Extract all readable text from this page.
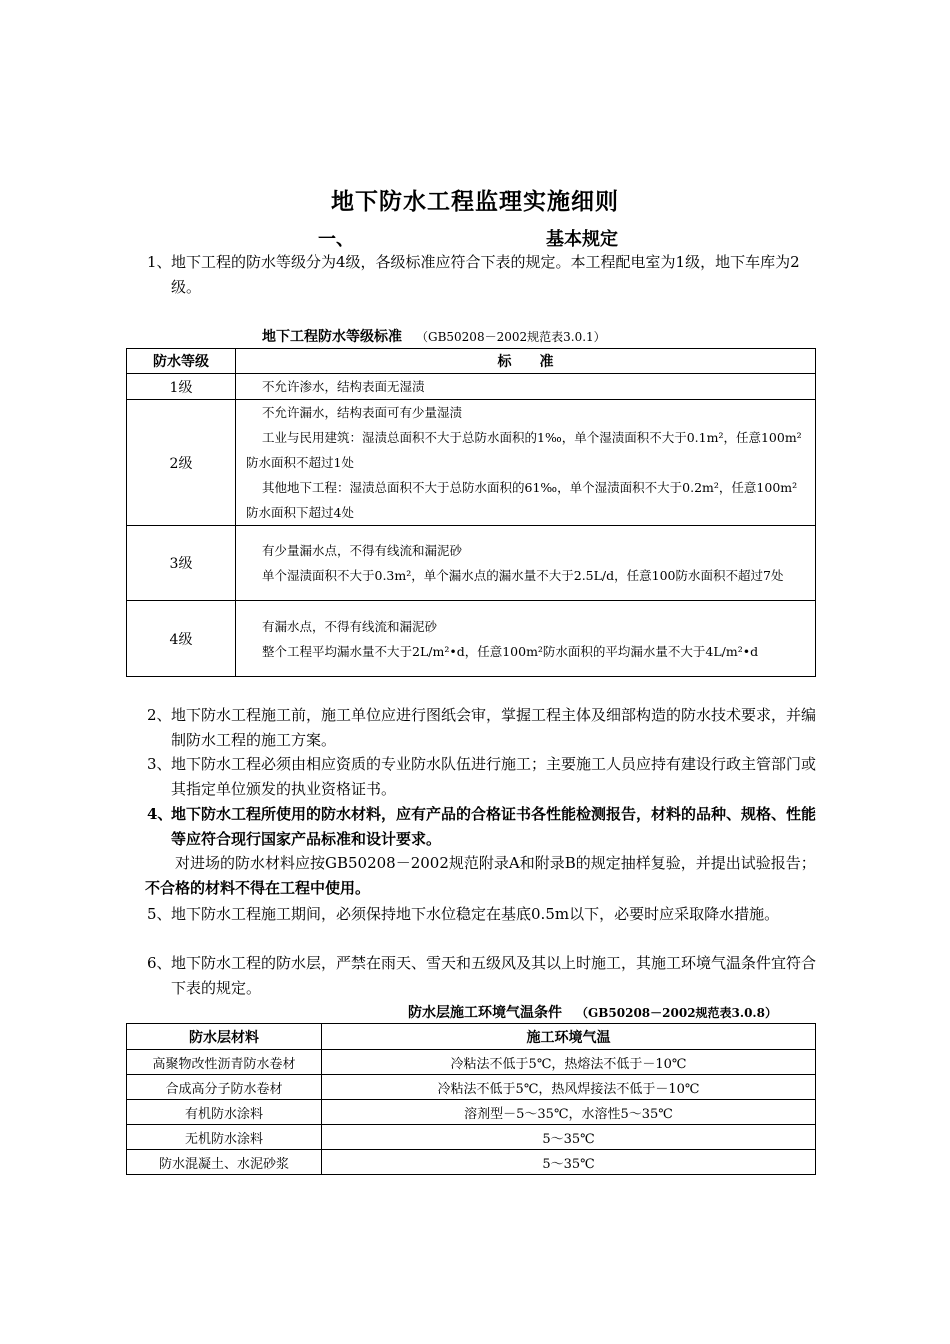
地下防水工程监理实施细则
一、	基本规定
1、 地下工程的防水等级分为4级，各级标准应符合下表的规定。本工程配电室为1级，地下车库为2级。
地下工程防水等级标准 （GB50208－2002规范表3.0.1）
防水等级	标　　准
1级	不允许渗水，结构表面无湿渍

2级	不允许漏水，结构表面可有少量湿渍
工业与民用建筑：湿渍总面积不大于总防水面积的1‰，单个湿渍面积不大于0.1m²，任意100m²防水面积不超过1处
其他地下工程：湿渍总面积不大于总防水面积的61‰，单个湿渍面积不大于0.2m²，任意100m²防水面积下超过4处

3级	有少量漏水点，不得有线流和漏泥砂
单个湿渍面积不大于0.3m²，单个漏水点的漏水量不大于2.5L/d，任意100防水面积不超过7处

4级	有漏水点，不得有线流和漏泥砂
整个工程平均漏水量不大于2L/m²•d，任意100m²防水面积的平均漏水量不大于4L/m²•d
2、 地下防水工程施工前，施工单位应进行图纸会审，掌握工程主体及细部构造的防水技术要求，并编制防水工程的施工方案。
3、 地下防水工程必须由相应资质的专业防水队伍进行施工；主要施工人员应持有建设行政主管部门或其指定单位颁发的执业资格证书。
4、
地下防水工程所使用的防水材料，应有产品的合格证书各性能检测报告，材料的品种、规格、性能等应符合现行国家产品标准和设计要求。
对进场的防水材料应按GB50208－2002规范附录A和附录B的规定抽样复验，并提出试验报告；不合格的材料不得在工程中使用。
5、 地下防水工程施工期间，必须保持地下水位稳定在基底0.5m以下，必要时应采取降水措施。
6、 地下防水工程的防水层，严禁在雨天、雪天和五级风及其以上时施工，其施工环境气温条件宜符合下表的规定。
防水层施工环境气温条件 （GB50208－2002规范表3.0.8）
防水层材料	施工环境气温
高聚物改性沥青防水卷材	冷粘法不低于5℃，热熔法不低于－10℃
合成高分子防水卷材	冷粘法不低于5℃，热风焊接法不低于－10℃
有机防水涂料	溶剂型－5～35℃，水溶性5～35℃
无机防水涂料	5～35℃
防水混凝土、水泥砂浆	5～35℃
